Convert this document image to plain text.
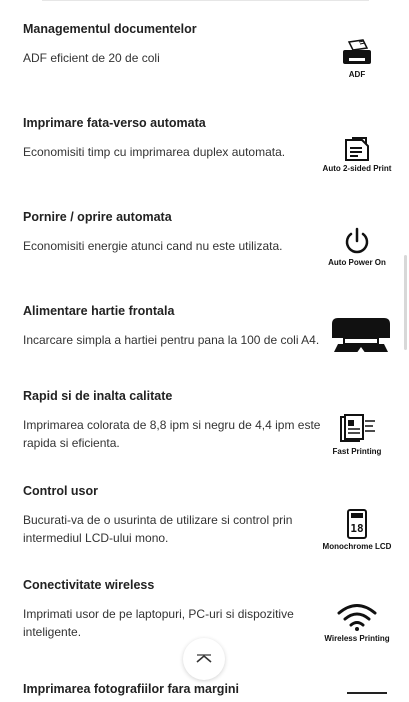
Managementul documentelor

ADF eficient de 20 de coli

ADF
Imprimare fata-verso automata

Economisiti timp cu imprimarea duplex automata.

Auto 2-sided Print
Pornire / oprire automata

Economisiti energie atunci cand nu este utilizata.

Auto Power On
Alimentare hartie frontala

Incarcare simpla a hartiei pentru pana la 100 de coli A4.

Rapid si de inalta calitate

Imprimarea colorata de 8,8 ipm si negru de 4,4 ipm este rapida si eficienta.

Fast Printing
Control usor

Bucurati-va de o usurinta de utilizare si control prin intermediul LCD-ului mono.

18
Monochrome LCD
Conectivitate wireless

Imprimati usor de pe laptopuri, PC-uri si dispozitive inteligente.	Wireless Printing
Imprimarea fotografiilor fara margini
